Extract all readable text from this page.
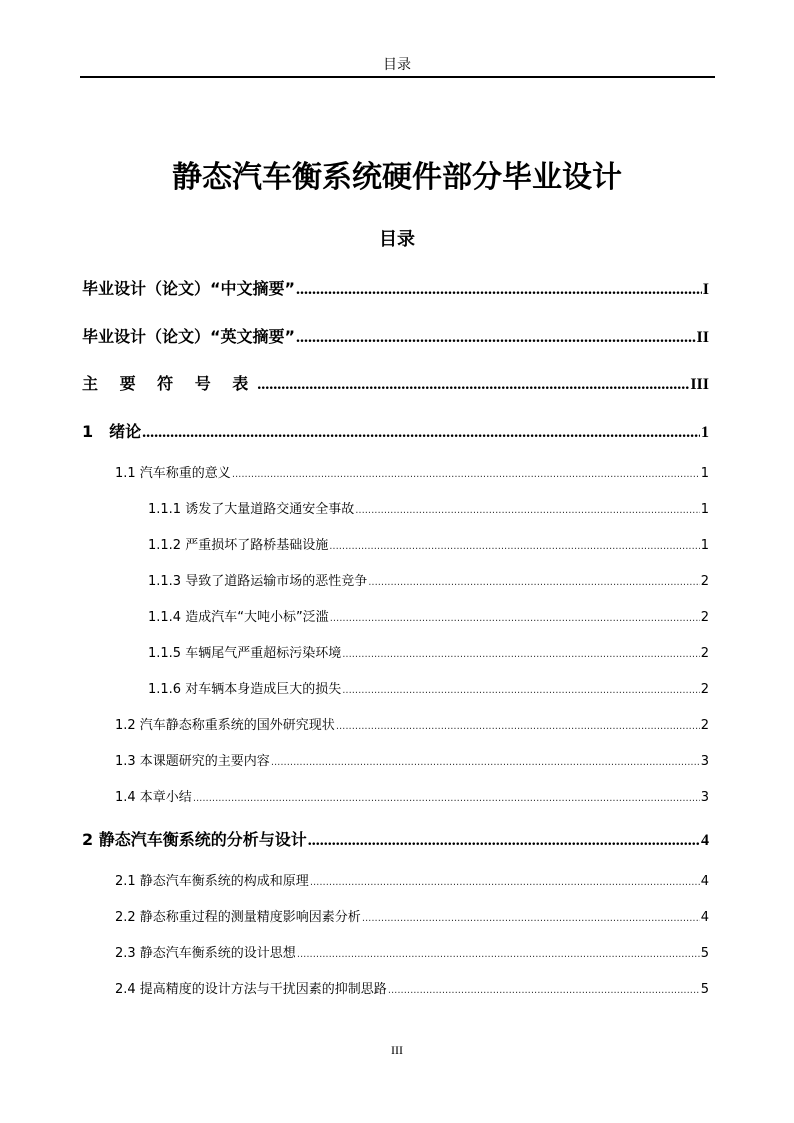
目录
静态汽车衡系统硬件部分毕业设计
目录
毕业设计（论文）“中文摘要” .....	I
毕业设计（论文）“英文摘要” .....	II
主 要 符 号 表 .....	III
1　绪论 .....	1
1.1 汽车称重的意义 .....	1
1.1.1 诱发了大量道路交通安全事故 .....	1
1.1.2 严重损坏了路桥基础设施 .....	1
1.1.3 导致了道路运输市场的恶性竞争 .....	2
1.1.4 造成汽车“大吨小标”泛滥 .....	2
1.1.5 车辆尾气严重超标污染环境 .....	2
1.1.6 对车辆本身造成巨大的损失 .....	2
1.2 汽车静态称重系统的国外研究现状 .....	2
1.3 本课题研究的主要内容 .....	3
1.4 本章小结 .....	3
2 静态汽车衡系统的分析与设计 .....	4
2.1 静态汽车衡系统的构成和原理 .....	4
2.2 静态称重过程的测量精度影响因素分析 .....	4
2.3 静态汽车衡系统的设计思想 .....	5
2.4 提高精度的设计方法与干扰因素的抑制思路 .....	5
III
